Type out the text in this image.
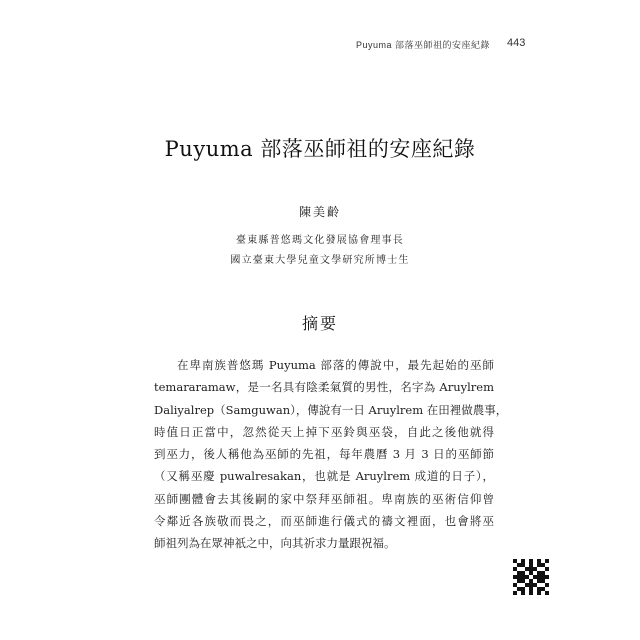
Puyuma 部落巫師祖的安座紀錄 443
Puyuma 部落巫師祖的安座紀錄
陳美齡
臺東縣普悠瑪文化發展協會理事長
國立臺東大學兒童文學研究所博士生
摘要
在卑南族普悠瑪 Puyuma 部落的傳說中，最先起始的巫師
temararamaw，是一名具有陰柔氣質的男性，名字為 Aruylrem
Daliyalrep（Samguwan），傳說有一日 Aruylrem 在田裡做農事，
時值日正當中，忽然從天上掉下巫鈴與巫袋，自此之後他就得
到巫力，後人稱他為巫師的先祖，每年農曆 3 月 3 日的巫師節
（又稱巫慶 puwalresakan，也就是 Aruylrem 成道的日子），
巫師團體會去其後嗣的家中祭拜巫師祖。卑南族的巫術信仰曾
令鄰近各族敬而畏之，而巫師進行儀式的禱文裡面，也會將巫
師祖列為在眾神祇之中，向其祈求力量跟祝福。
